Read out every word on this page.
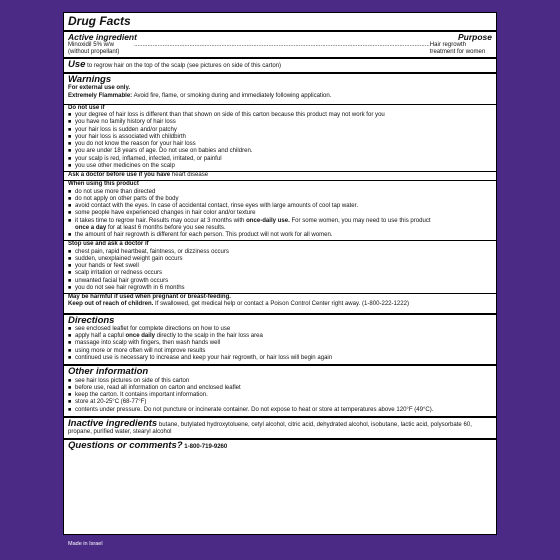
Drug Facts
Active ingredient	Purpose
Minoxidil 5% w/w (without propellant)
................................................................................................................................................................................ Hair regrowth treatment for women
Use to regrow hair on the top of the scalp (see pictures on side of this carton)
Warnings
For external use only.
Extremely Flammable: Avoid fire, flame, or smoking during and immediately following application.
Do not use if
■ your degree of hair loss is different than that shown on side of this carton because this product may not work for you
■ you have no family history of hair loss
■ your hair loss is sudden and/or patchy
■ your hair loss is associated with childbirth
■ you do not know the reason for your hair loss
■ you are under 18 years of age. Do not use on babies and children.
■ your scalp is red, inflamed, infected, irritated, or painful
■ you use other medicines on the scalp
Ask a doctor before use if you have heart disease
When using this product
■ do not use more than directed
■ do not apply on other parts of the body
■ avoid contact with the eyes. In case of accidental contact, rinse eyes with large amounts of cool tap water.
■ some people have experienced changes in hair color and/or texture
■ it takes time to regrow hair. Results may occur at 3 months with once-daily use. For some women, you may need to use this product
once a day for at least 6 months before you see results.
■ the amount of hair regrowth is different for each person. This product will not work for all women.
Stop use and ask a doctor if
■ chest pain, rapid heartbeat, faintness, or dizziness occurs
■ sudden, unexplained weight gain occurs
■ your hands or feet swell
■ scalp irritation or redness occurs
■ unwanted facial hair growth occurs
■ you do not see hair regrowth in 6 months
May be harmful if used when pregnant or breast-feeding.
Keep out of reach of children. If swallowed, get medical help or contact a Poison Control Center right away. (1-800-222-1222)
Directions
■ see enclosed leaflet for complete directions on how to use
■ apply half a capful once daily directly to the scalp in the hair loss area
■ massage into scalp with fingers, then wash hands well
■ using more or more often will not improve results
■ continued use is necessary to increase and keep your hair regrowth, or hair loss will begin again
Other information
■ see hair loss pictures on side of this carton
■ before use, read all information on carton and enclosed leaflet
■ keep the carton. It contains important information.
■ store at 20-25°C (68-77°F)
■ contents under pressure. Do not puncture or incinerate container. Do not expose to heat or store at temperatures above 120°F (49°C).
Inactive ingredients butane, butylated hydroxytoluene, cetyl alcohol, citric acid, dehydrated alcohol, isobutane, lactic acid, polysorbate 60, propane, purified water, stearyl alcohol
Questions or comments? 1-800-719-9260
Made in Israel
